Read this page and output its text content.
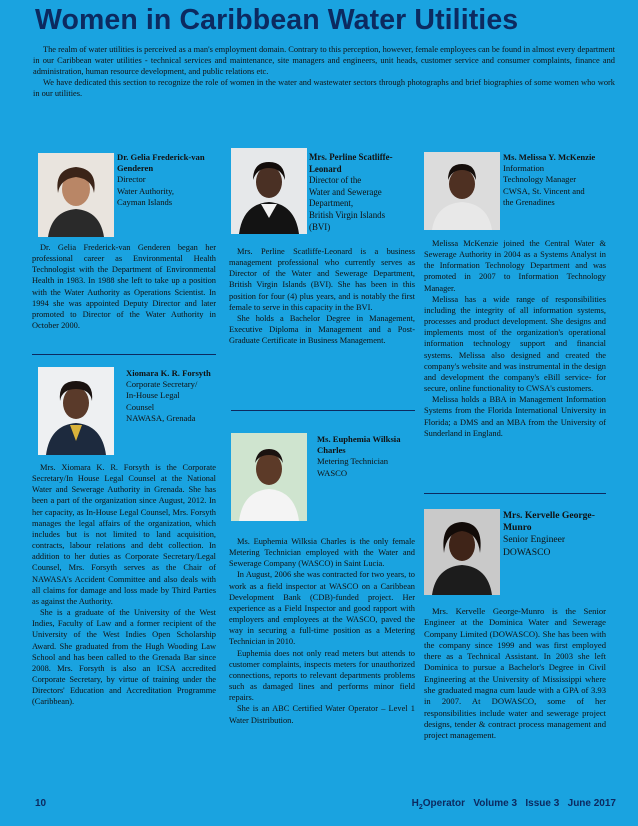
Women in Caribbean Water Utilities

The realm of water utilities is perceived as a man's employment domain. Contrary to this perception, however, female employees can be found in almost every department in our Caribbean water utilities - technical services and maintenance, site managers and engineers, unit heads, customer service and consumer complaints, finance and administration, human resource development, and public relations etc.

We have dedicated this section to recognize the role of women in the water and wastewater sectors through photographs and brief biographies of some women who work in our utilities.

Dr. Gelia Frederick-van Genderen
Director
Water Authority,
Cayman Islands

Dr. Gelia Frederick-van Genderen began her professional career as Environmental Health Technologist with the Department of Environmental Health in 1983. In 1988 she left to take up a position with the Water Authority as Operations Scientist. In 1994 she was appointed Deputy Director and later promoted to Director of the Water Authority in October 2000.

Xiomara K. R. Forsyth
Corporate Secretary/
In-House Legal
Counsel
NAWASA, Grenada

Mrs. Xiomara K. R. Forsyth is the Corporate Secretary/In House Legal Counsel at the National Water and Sewerage Authority in Grenada. She has been a part of the organization since August, 2012. In her capacity, as In-House Legal Counsel, Mrs. Forsyth manages the legal affairs of the organization, which includes but is not limited to land acquisition, contracts, labour relations and debt collection. In addition to her duties as Corporate Secretary/Legal Counsel, Mrs. Forsyth serves as the Chair of NAWASA's Accident Committee and also deals with all claims for damage and loss made by Third Parties as against the Authority.

She is a graduate of the University of the West Indies, Faculty of Law and a former recipient of the University of the West Indies Open Scholarship Award. She graduated from the Hugh Wooding Law School and has been called to the Grenada Bar since 2008. Mrs. Forsyth is also an ICSA accredited Corporate Secretary, by virtue of training under the Directors' Education and Accreditation Programme (Caribbean).

Mrs. Perline Scatliffe-Leonard
Director of the
Water and Sewerage
Department,
British Virgin Islands
(BVI)

Mrs. Perline Scatliffe-Leonard is a business management professional who currently serves as Director of the Water and Sewerage Department, British Virgin Islands (BVI). She has been in this position for four (4) plus years, and is notably the first female to serve in this capacity in the BVI.

She holds a Bachelor Degree in Management, Executive Diploma in Management and a Post-Graduate Certificate in Business Management.

Ms. Euphemia Wilksia Charles
Metering Technician
WASCO

Ms. Euphemia Wilksia Charles is the only female Metering Technician employed with the Water and Sewerage Company (WASCO) in Saint Lucia.

In August, 2006 she was contracted for two years, to work as a field inspector at WASCO on a Caribbean Development Bank (CDB)-funded project. Her experience as a Field Inspector and good rapport with employers and employees at the WASCO, paved the way in securing a full-time position as a Metering Technician in 2010.

Euphemia does not only read meters but attends to customer complaints, inspects meters for unauthorized connections, reports to relevant departments problems such as damaged lines and performs minor field repairs.

She is an ABC Certified Water Operator – Level 1 Water Distribution.

Ms. Melissa Y. McKenzie
Information
Technology Manager
CWSA, St. Vincent and
the Grenadines

Melissa McKenzie joined the Central Water & Sewerage Authority in 2004 as a Systems Analyst in the Information Technology Department and was promoted in 2007 to Information Technology Manager.

Melissa has a wide range of responsibilities including the integrity of all information systems, processes and product development. She designs and implements most of the organization's operational information technology support and financial systems. Melissa also designed and created the company's website and was instrumental in the design and development the company's eBill service- for secure, online functionality to CWSA's customers.

Melissa holds a BBA in Management Information Systems from the Florida International University in Florida; a DMS and an MBA from the University of Sunderland in England.

Mrs. Kervelle George-Munro
Senior Engineer
DOWASCO

Mrs. Kervelle George-Munro is the Senior Engineer at the Dominica Water and Sewerage Company Limited (DOWASCO). She has been with the company since 1999 and was first employed there as a Technical Assistant. In 2003 she left Dominica to pursue a Bachelor's Degree in Civil Engineering at the University of Mississippi where she graduated magna cum laude with a GPA of 3.93 in 2007. At DOWASCO, some of her responsibilities include water and sewerage project designs, tender & contract process management and project management.

10	$H_2Operator$   Volume 3   Issue 3   June 2017
